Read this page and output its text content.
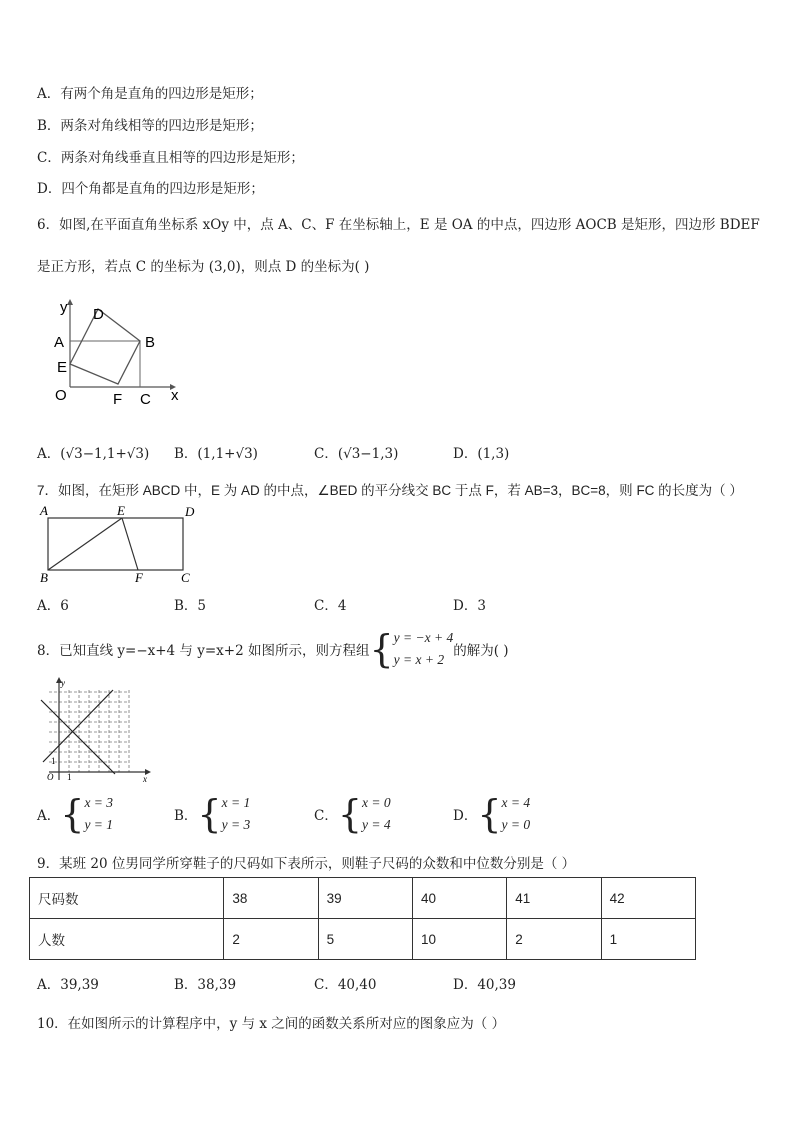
A．有两个角是直角的四边形是矩形；
B．两条对角线相等的四边形是矩形；
C．两条对角线垂直且相等的四边形是矩形；
D．四个角都是直角的四边形是矩形；
6．如图,在平面直角坐标系 xOy 中，点 A、C、F 在坐标轴上，E 是 OA 的中点，四边形 AOCB 是矩形，四边形 BDEF
是正方形，若点 C 的坐标为 (3,0)，则点 D 的坐标为( )
y D
A	B
E
O	F C x
A．(√3−1,1+√3) B．(1,1+√3)	C．(√3−1,3)	D．(1,3)
7．如图，在矩形 ABCD 中，E 为 AD 的中点，∠BED 的平分线交 BC 于点 F，若 AB=3，BC=8，则 FC 的长度为（ ）
A	E	D
B	F	C
A．6	B．5	C．4	D．3
8．已知直线 y=−x+4 与 y=x+2 如图所示，则方程组 { y = −x + 4
y = x + 2
的解为( )
y
x
O 1
1
A． { x = 3
y = 1
B． { x = 1
y = 3
C． { x = 0
y = 4
D． { x = 4
y = 0
9．某班 20 位男同学所穿鞋子的尺码如下表所示，则鞋子尺码的众数和中位数分别是（ ）
尺码数	38	39	40	41	42
人数	2	5	10	2	1
A．39,39	B．38,39	C．40,40	D．40,39
10．在如图所示的计算程序中，y 与 x 之间的函数关系所对应的图象应为（ ）
